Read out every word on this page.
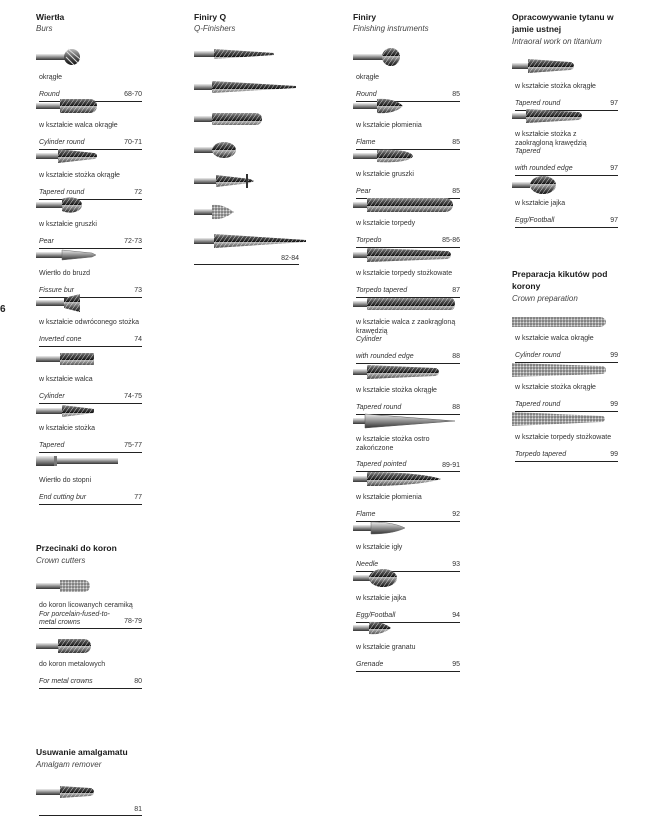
6
Wiertła
Burs
okrągłe
Round	68-70
w kształcie walca okrągłe
Cylinder round	70-71
w kształcie stożka okrągłe
Tapered round	72
w kształcie gruszki
Pear	72-73
Wiertło do bruzd
Fissure bur	73
w kształcie odwróconego stożka
Inverted cone	74
w kształcie walca
Cylinder	74-75
w kształcie stożka
Tapered	75-77
Wiertło do stopni
End cutting bur	77
Przecinaki do koron
Crown cutters
do koron licowanych ceramiką
For porcelain-fused-to-metal crowns	78-79
do koron metalowych
For metal crowns	80
Usuwanie amalgamatu
Amalgam remover
81
Finiry Q
Q-Finishers
82-84
Finiry
Finishing instruments
okrągłe
Round	85
w kształcie płomienia
Flame	85
w kształcie gruszki
Pear	85
w kształcie torpedy
Torpedo	85-86
w kształcie torpedy stożkowate
Torpedo tapered	87
w kształcie walca z zaokrągloną krawędzią
Cylinder
with rounded edge	88
w kształcie stożka okrągłe
Tapered round	88
w kształcie stożka ostro zakończone
Tapered pointed	89-91
w kształcie płomienia
Flame	92
w kształcie igły
Needle	93
w kształcie jajka
Egg/Football	94
w kształcie granatu
Grenade	95
Opracowywanie tytanu w
jamie ustnej
Intraoral work on titanium
w kształcie stożka okrągłe
Tapered round	97
w kształcie stożka z
zaokrągloną krawędzią
Tapered
with rounded edge	97
w kształcie jajka
Egg/Football	97
Preparacja kikutów pod
korony
Crown preparation
w kształcie walca okrągłe
Cylinder round	99
w kształcie stożka okrągłe
Tapered round	99
w kształcie torpedy stożkowate
Torpedo tapered	99
